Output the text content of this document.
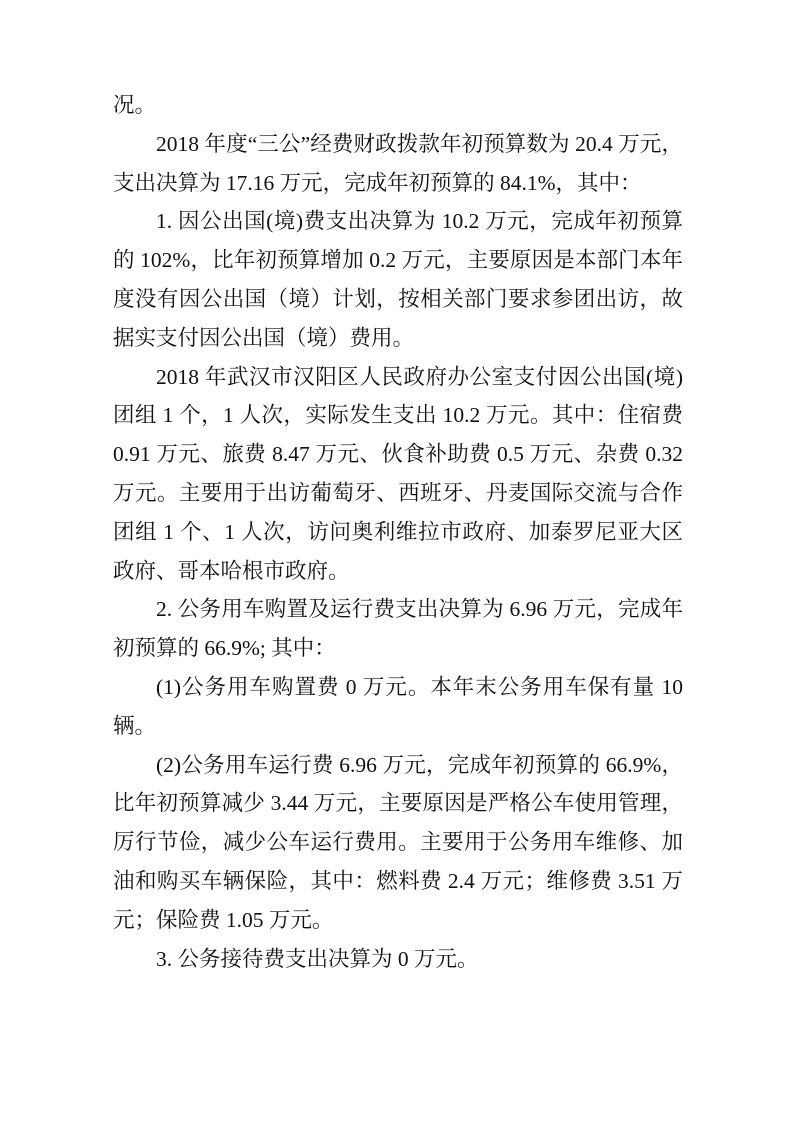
况。

2018 年度“三公”经费财政拨款年初预算数为 20.4 万元，支出决算为 17.16 万元，完成年初预算的 84.1%，其中：

1. 因公出国(境)费支出决算为 10.2 万元，完成年初预算的 102%，比年初预算增加 0.2 万元，主要原因是本部门本年度没有因公出国（境）计划，按相关部门要求参团出访，故据实支付因公出国（境）费用。

2018 年武汉市汉阳区人民政府办公室支付因公出国(境)团组 1 个，1 人次，实际发生支出 10.2 万元。其中：住宿费 0.91 万元、旅费 8.47 万元、伙食补助费 0.5 万元、杂费 0.32 万元。主要用于出访葡萄牙、西班牙、丹麦国际交流与合作团组 1 个、1 人次，访问奥利维拉市政府、加泰罗尼亚大区政府、哥本哈根市政府。

2. 公务用车购置及运行费支出决算为 6.96 万元，完成年初预算的 66.9%; 其中：

(1)公务用车购置费 0 万元。本年末公务用车保有量 10 辆。

(2)公务用车运行费 6.96 万元，完成年初预算的 66.9%，比年初预算减少 3.44 万元，主要原因是严格公车使用管理，厉行节俭，减少公车运行费用。主要用于公务用车维修、加油和购买车辆保险，其中：燃料费 2.4 万元；维修费 3.51 万元；保险费 1.05 万元。

3. 公务接待费支出决算为 0 万元。
